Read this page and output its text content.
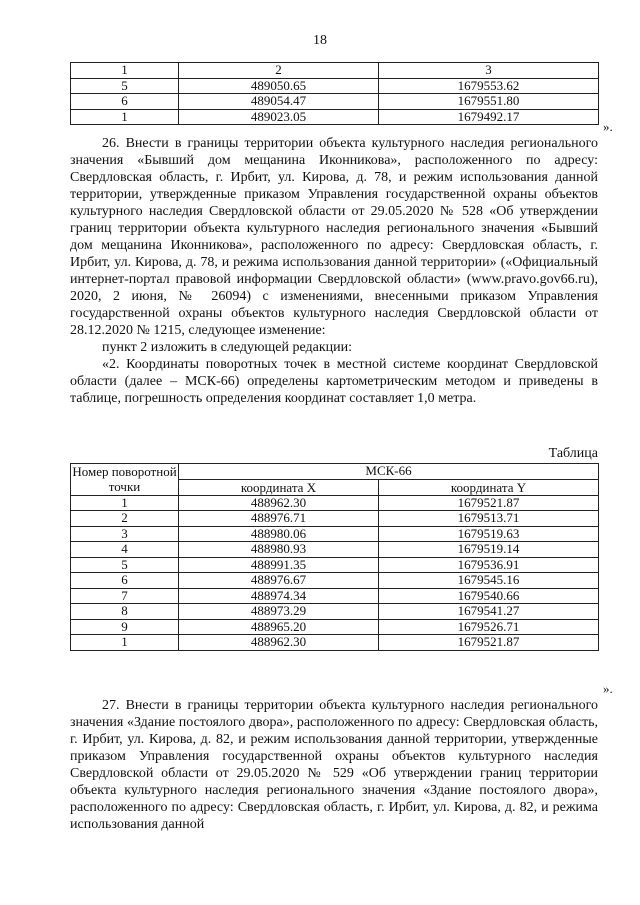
18
1	2	3
5	489050.65	1679553.62
6	489054.47	1679551.80
1	489023.05	1679492.17
».

26. Внести в границы территории объекта культурного наследия регионального значения «Бывший дом мещанина Иконникова», расположенного по адресу: Свердловская область, г. Ирбит, ул. Кирова, д. 78, и режим использования данной территории, утвержденные приказом Управления государственной охраны объектов культурного наследия Свердловской области от 29.05.2020 № 528 «Об утверждении границ территории объекта культурного наследия регионального значения «Бывший дом мещанина Иконникова», расположенного по адресу: Свердловская область, г. Ирбит, ул. Кирова, д. 78, и режима использования данной территории» («Официальный интернет-портал правовой информации Свердловской области» (www.pravo.gov66.ru), 2020, 2 июня, № 26094) с изменениями, внесенными приказом Управления государственной охраны объектов культурного наследия Свердловской области от 28.12.2020 № 1215, следующее изменение:

пункт 2 изложить в следующей редакции:

«2. Координаты поворотных точек в местной системе координат Свердловской области (далее – МСК-66) определены картометрическим методом и приведены в таблице, погрешность определения координат составляет 1,0 метра.

Таблица
Номер поворотной точки	МСК-66	
	координата X	координата Y
1	488962.30	1679521.87
2	488976.71	1679513.71
3	488980.06	1679519.63
4	488980.93	1679519.14
5	488991.35	1679536.91
6	488976.67	1679545.16
7	488974.34	1679540.66
8	488973.29	1679541.27
9	488965.20	1679526.71
1	488962.30	1679521.87
».

27. Внести в границы территории объекта культурного наследия регионального значения «Здание постоялого двора», расположенного по адресу: Свердловская область, г. Ирбит, ул. Кирова, д. 82, и режим использования данной территории, утвержденные приказом Управления государственной охраны объектов культурного наследия Свердловской области от 29.05.2020 № 529 «Об утверждении границ территории объекта культурного наследия регионального значения «Здание постоялого двора», расположенного по адресу: Свердловская область, г. Ирбит, ул. Кирова, д. 82, и режима использования данной
